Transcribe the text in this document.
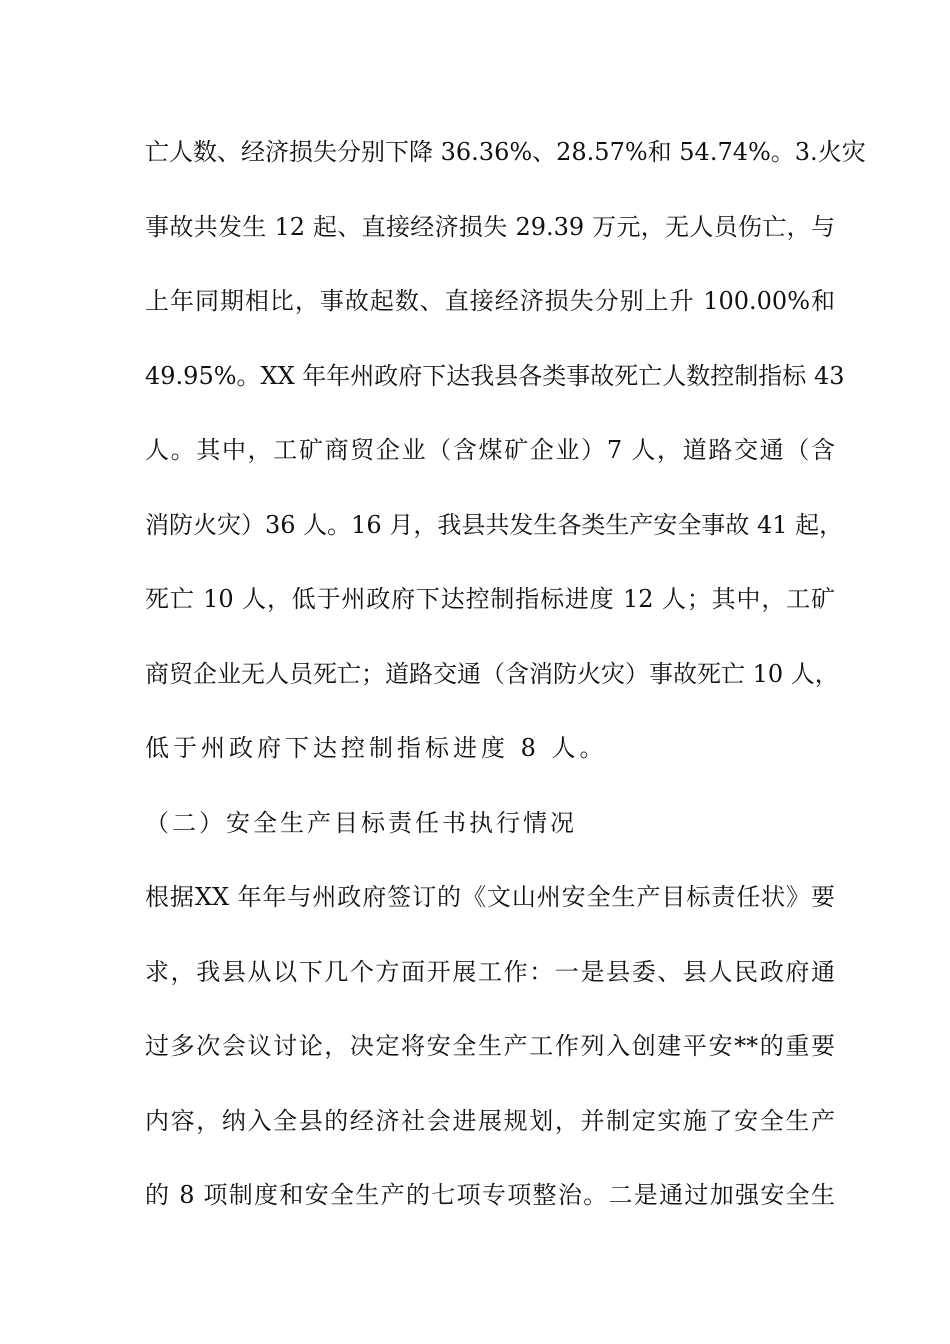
亡人数、经济损失分别下降 36.36%、28.57%和 54.74%。3.火灾
事故共发生 12 起、直接经济损失 29.39 万元，无人员伤亡，与
上年同期相比，事故起数、直接经济损失分别上升 100.00%和
49.95%。XX 年年州政府下达我县各类事故死亡人数控制指标 43
人。其中，工矿商贸企业（含煤矿企业）7 人，道路交通（含
消防火灾）36 人。16 月，我县共发生各类生产安全事故 41 起，
死亡 10 人，低于州政府下达控制指标进度 12 人；其中，工矿
商贸企业无人员死亡；道路交通（含消防火灾）事故死亡 10 人，
低于州政府下达控制指标进度 8 人。
（二）安全生产目标责任书执行情况
根据XX 年年与州政府签订的《文山州安全生产目标责任状》要
求，我县从以下几个方面开展工作：一是县委、县人民政府通
过多次会议讨论，决定将安全生产工作列入创建平安**的重要
内容，纳入全县的经济社会进展规划，并制定实施了安全生产
的 8 项制度和安全生产的七项专项整治。二是通过加强安全生
